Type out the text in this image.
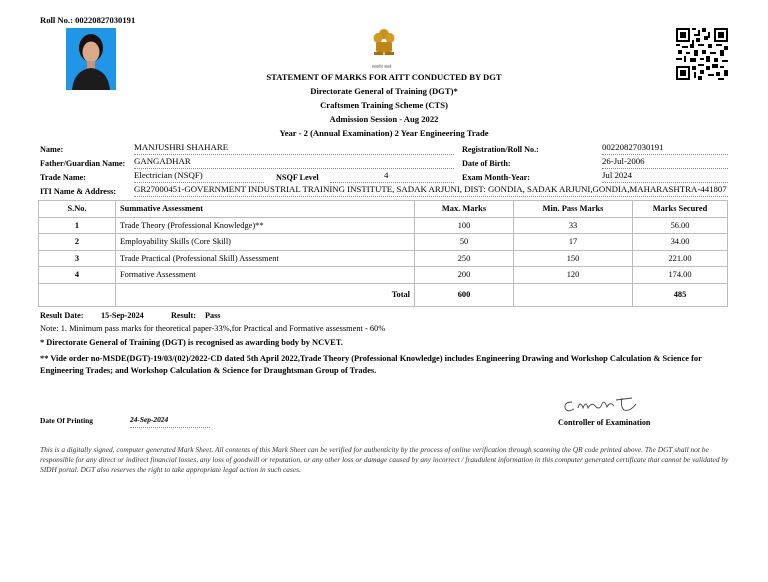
Roll No.: 00220827030191
सत्यमेव जयते
STATEMENT OF MARKS FOR AITT CONDUCTED BY DGT
Directorate General of Training (DGT)*
Craftsmen Training Scheme (CTS)
Admission Session - Aug 2022
Year - 2 (Annual Examination) 2 Year Engineering Trade
Name:	MANJUSHRI SHAHARE
Father/Guardian Name: GANGADHAR
Trade Name:	Electrician (NSQF)	NSQF Level	4
ITI Name & Address: GR27000451-GOVERNMENT INDUSTRIAL TRAINING INSTITUTE, SADAK ARJUNI, DIST: GONDIA, SADAK ARJUNI,GONDIA,MAHARASHTRA-441807
Registration/Roll No.:	00220827030191
Date of Birth:	26-Jul-2006
Exam Month-Year:	Jul 2024
S.No.	Summative Assessment	Max. Marks	Min. Pass Marks	Marks Secured
1	Trade Theory (Professional Knowledge)**	100	33	56.00
2	Employability Skills (Core Skill)	50	17	34.00
3	Trade Practical (Professional Skill) Assessment	250	150	221.00
4	Formative Assessment	200	120	174.00
	Total	600		485
Result Date: 15-Sep-2024	Result: Pass
Note: 1. Minimum pass marks for theoretical paper-33%,for Practical and Formative assessment - 60%
* Directorate General of Training (DGT) is recognised as awarding body by NCVET.
** Vide order no-MSDE(DGT)-19/03/(02)/2022-CD dated 5th April 2022,Trade Theory (Professional Knowledge) includes Engineering Drawing and Workshop Calculation & Science for Engineering Trades; and Workshop Calculation & Science for Draughtsman Group of Trades.
Controller of Examination
Date Of Printing	24-Sep-2024
This is a digitally signed, computer generated Mark Sheet. All contents of this Mark Sheet can be verified for authenticity by the process of online verification through scanning the QR code printed above. The DGT shall not be responsible for any direct or indirect financial losses, any loss of goodwill or reputation, or any other loss or damage caused by any incorrect / fraudulent information in this computer generated certificate that cannot be validated by SIDH portal. DGT also reserves the right to take appropriate legal action in such cases.
